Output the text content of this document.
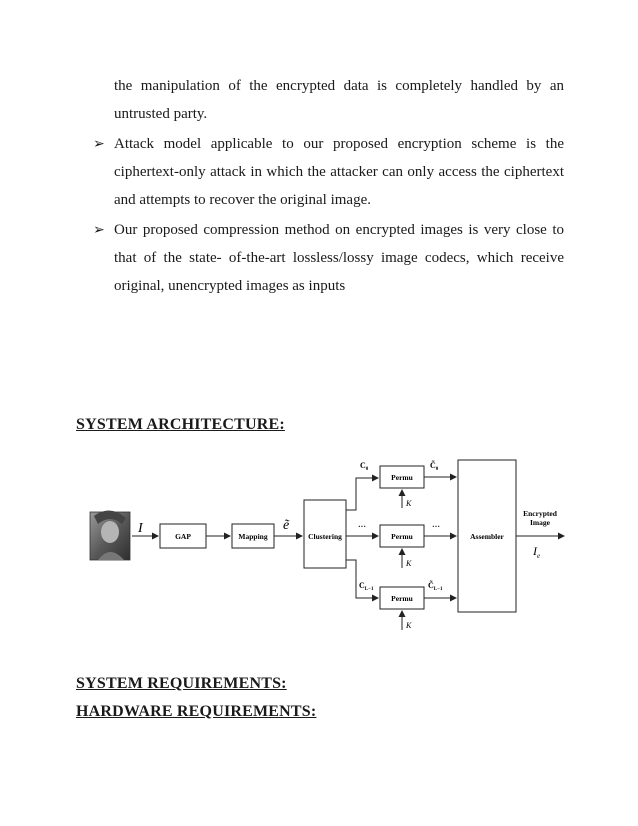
the manipulation of the encrypted data is completely handled by an untrusted party.

➢ Attack model applicable to our proposed encryption scheme is the ciphertext-only attack in which the attacker can only access the ciphertext and attempts to recover the original image.

➢ Our proposed compression method on encrypted images is very close to that of the state- of-the-art lossless/lossy image codecs, which receive original, unencrypted images as inputs

SYSTEM ARCHITECTURE:
I
GAP	Mapping
ẽ
Clustering
$C_0$
Permu
K
$C̃_0$
···
Permu
K
···
$C_{L-1}$
Permu
K
$C̃_{L-1}$
Assembler
Encrypted
Image
$I_e$
SYSTEM REQUIREMENTS:
HARDWARE REQUIREMENTS:
